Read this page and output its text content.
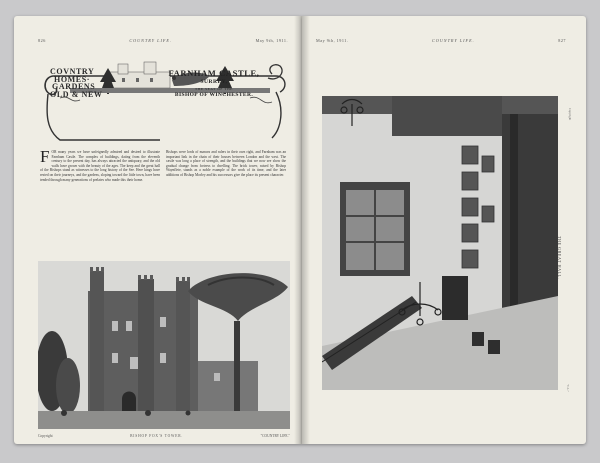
826	COUNTRY LIFE.	May 9th, 1911.
COVNTRY
HOMES·
GARDENS
OLD & NEW
FARNHAM CASTLE,
SURREY,
THE SEAT OF THE
BISHOP OF WINCHESTER.
F OR many years we have unfeignedly admired and desired to illustrate Farnham Castle. The complex of buildings, dating from the eleventh century to the present day, has always attracted the antiquary, and the old walls have grown with the beauty of the ages. The keep and the great hall of the Bishops stand as witnesses to the long history of the See. Here kings have rested on their journeys, and the gardens, sloping toward the little town, have been tended through many generations of prelates who made this their home.
Bishops were lords of manors and rulers in their own right, and Farnham was an important link in the chain of their houses between London and the west. The castle was long a place of strength, and the buildings that we now see show the gradual change from fortress to dwelling. The brick tower, raised by Bishop Waynflete, stands as a noble example of the work of its time, and the later additions of Bishop Morley and his successors give the place its present character.
Copyright	BISHOP FOX'S TOWER.	"COUNTRY LIFE."
May 9th, 1911.	COUNTRY LIFE.	827
THE GREAT HALL.
Copyright
"C.L."
